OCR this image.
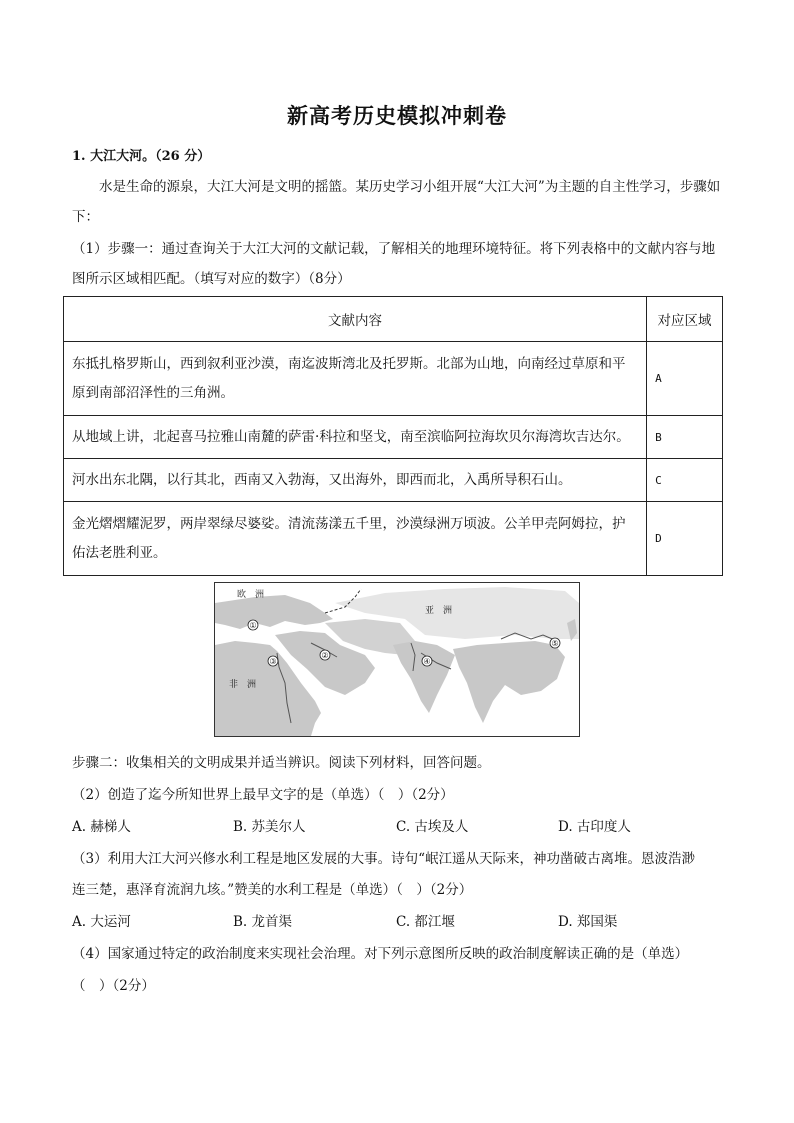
新高考历史模拟冲刺卷
1. 大江大河。（26 分）
水是生命的源泉，大江大河是文明的摇篮。某历史学习小组开展“大江大河”为主题的自主性学习，步骤如下：
（1）步骤一：通过查询关于大江大河的文献记载，了解相关的地理环境特征。将下列表格中的文献内容与地图所示区域相匹配。（填写对应的数字）（8分）
文献内容	对应区域
东抵扎格罗斯山，西到叙利亚沙漠，南迄波斯湾北及托罗斯。北部为山地，向南经过草原和平原到南部沼泽性的三角洲。	A
从地域上讲，北起喜马拉雅山南麓的萨雷·科拉和坚戈，南至滨临阿拉海坎贝尔海湾坎吉达尔。	B
河水出东北隅，以行其北，西南又入勃海，又出海外，即西而北，入禹所导积石山。	C
金光熠熠耀泥罗，两岸翠绿尽婆娑。清流荡漾五千里，沙漠绿洲万顷波。公羊甲壳阿姆拉，护佑法老胜利亚。	D
欧　洲
亚　洲
非　洲
①
②
③	④
⑤
步骤二：收集相关的文明成果并适当辨识。阅读下列材料，回答问题。
（2）创造了迄今所知世界上最早文字的是（单选）（　）（2分）
A. 赫梯人	B. 苏美尔人	C. 古埃及人	D. 古印度人
（3）利用大江大河兴修水利工程是地区发展的大事。诗句“岷江遥从天际来，神功凿破古离堆。恩波浩渺
连三楚，惠泽育流润九垓。”赞美的水利工程是（单选）（　）（2分）
A. 大运河	B. 龙首渠	C. 都江堰	D. 郑国渠
（4）国家通过特定的政治制度来实现社会治理。对下列示意图所反映的政治制度解读正确的是（单选）
（　）（2分）
